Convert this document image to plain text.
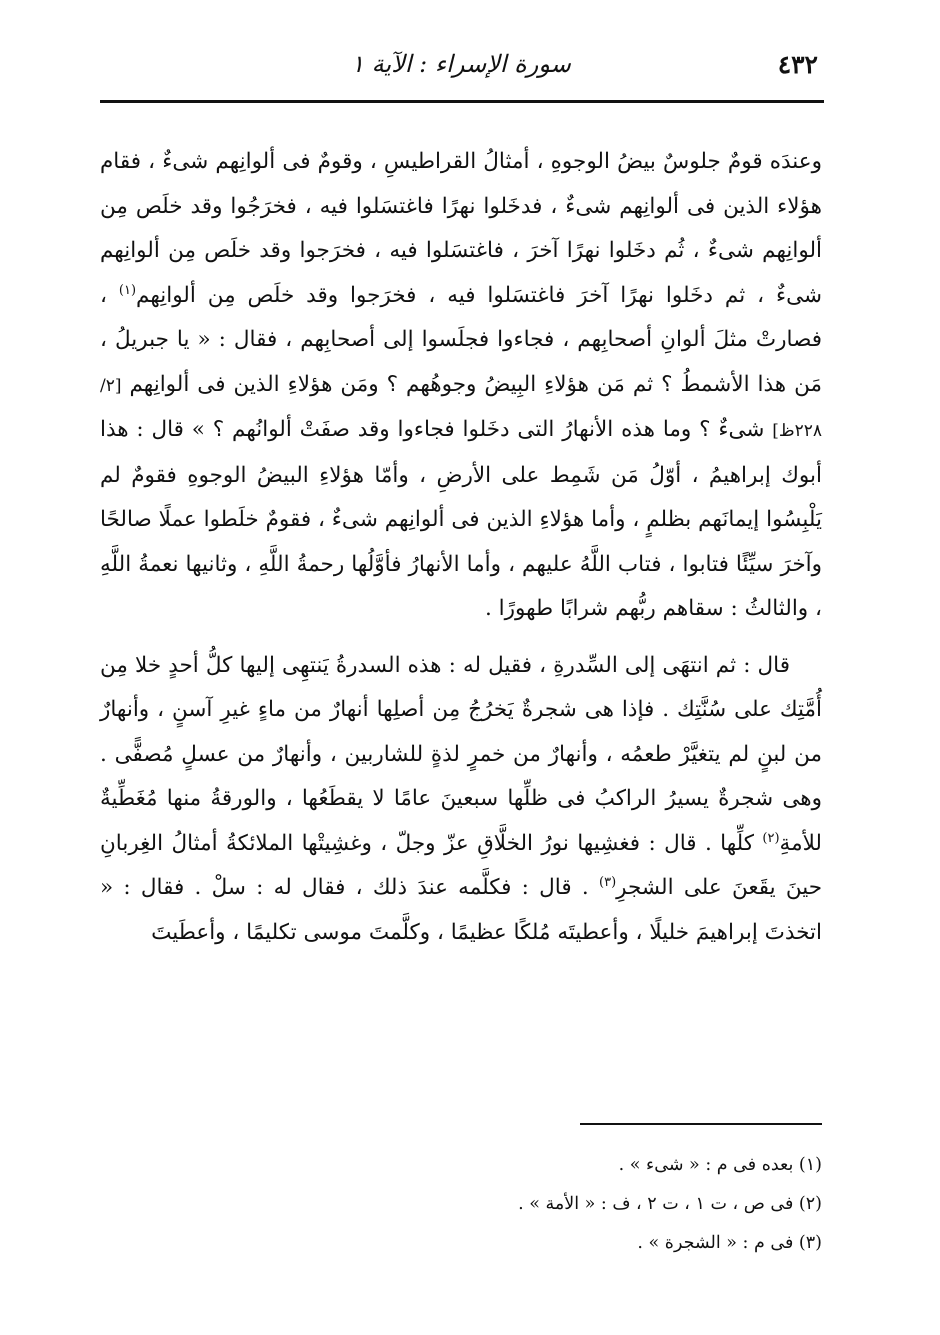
٤٣٢
سورة الإسراء : الآية ١

وعندَه قومٌ جلوسٌ بيضُ الوجوهِ ، أمثالُ القراطيسِ ، وقومٌ فى ألوانِهم شىءٌ ، فقام هؤلاء الذين فى ألوانِهم شىءٌ ، فدخَلوا نهرًا فاغتسَلوا فيه ، فخرَجُوا وقد خلَص مِن ألوانِهم شىءٌ ، ثُم دخَلوا نهرًا آخرَ ، فاغتسَلوا فيه ، فخرَجوا وقد خلَص مِن ألوانِهم شىءٌ ، ثم دخَلوا نهرًا آخرَ فاغتسَلوا فيه ، فخرَجوا وقد خلَص مِن ألوانِهم$^{(١)}$ ، فصارتْ مثلَ ألوانِ أصحابِهم ، فجاءوا فجلَسوا إلى أصحابِهم ، فقال : « يا جبريلُ ، مَن هذا الأشمطُ ؟ ثم مَن هؤلاءِ البِيضُ وجوهُهم ؟ ومَن هؤلاءِ الذين فى ألوانِهم [٢/ ٢٢٨ظ] شىءٌ ؟ وما هذه الأنهارُ التى دخَلوا فجاءوا وقد صفَتْ ألوانُهم ؟ » قال : هذا أبوك إبراهيمُ ، أوّلُ مَن شَمِط على الأرضِ ، وأمّا هؤلاءِ البيضُ الوجوهِ فقومٌ لم يَلْبِسُوا إيمانَهم بظلمٍ ، وأما هؤلاءِ الذين فى ألوانِهم شىءٌ ، فقومٌ خلَطوا عملًا صالحًا وآخرَ سيِّئًا فتابوا ، فتاب اللَّهُ عليهم ، وأما الأنهارُ فأوَّلُها رحمةُ اللَّهِ ، وثانيها نعمةُ اللَّهِ ، والثالثُ : سقاهم ربُّهم شرابًا طهورًا .

قال : ثم انتهَى إلى السِّدرةِ ، فقيل له : هذه السدرةُ يَنتهِى إليها كلُّ أحدٍ خلا مِن أُمَّتِك على سُنَّتِك . فإذا هى شجرةٌ يَخرُجُ مِن أصلِها أنهارٌ من ماءٍ غيرِ آسنٍ ، وأنهارٌ من لبنٍ لم يتغيَّرْ طعمُه ، وأنهارٌ من خمرٍ لذةٍ للشاربين ، وأنهارٌ من عسلٍ مُصفًّى . وهى شجرةٌ يسيرُ الراكبُ فى ظلِّها سبعينَ عامًا لا يقطَعُها ، والورقةُ منها مُغَطِّيةٌ للأمةِ$^{(٢)}$ كلِّها . قال : فغشِيها نورُ الخلَّاقِ عزّ وجلّ ، وغشِيتْها الملائكةُ أمثالُ الغِربانِ حينَ يقَعنَ على الشجرِ$^{(٣)}$ . قال : فكلَّمه عندَ ذلك ، فقال له : سلْ . فقال : « اتخذتَ إبراهيمَ خليلًا ، وأعطيتَه مُلكًا عظيمًا ، وكلَّمتَ موسى تكليمًا ، وأعطَيتَ

(١) بعده فى م : « شىء » .

(٢) فى ص ، ت ١ ، ت ٢ ، ف : « الأمة » .

(٣) فى م : « الشجرة » .
